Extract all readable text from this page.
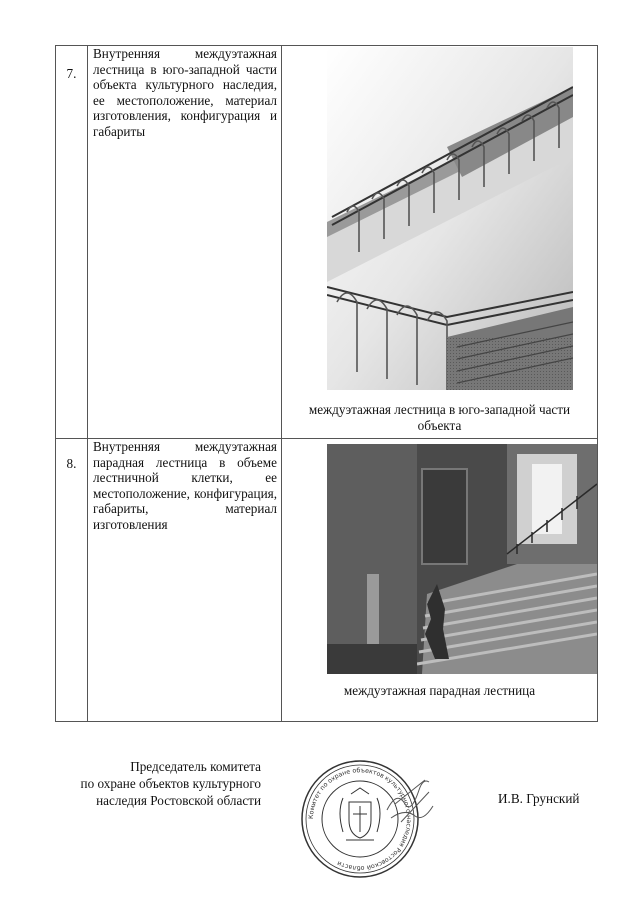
7.	Внутренняя междуэтажная лестница в юго-западной части объекта культурного наследия, ее местоположение, материал изготовления, конфигурация и габариты	междуэтажная лестница в юго-западной части объекта

8.	Внутренняя междуэтажная парадная лестница в объеме лестничной клетки, ее местоположение, конфигурация, габариты, материал изготовления	междуэтажная парадная лестница
Председатель комитета
по охране объектов культурного
наследия Ростовской области
Комитет по охране объектов культурного наследия Ростовской области
И.В. Грунский
